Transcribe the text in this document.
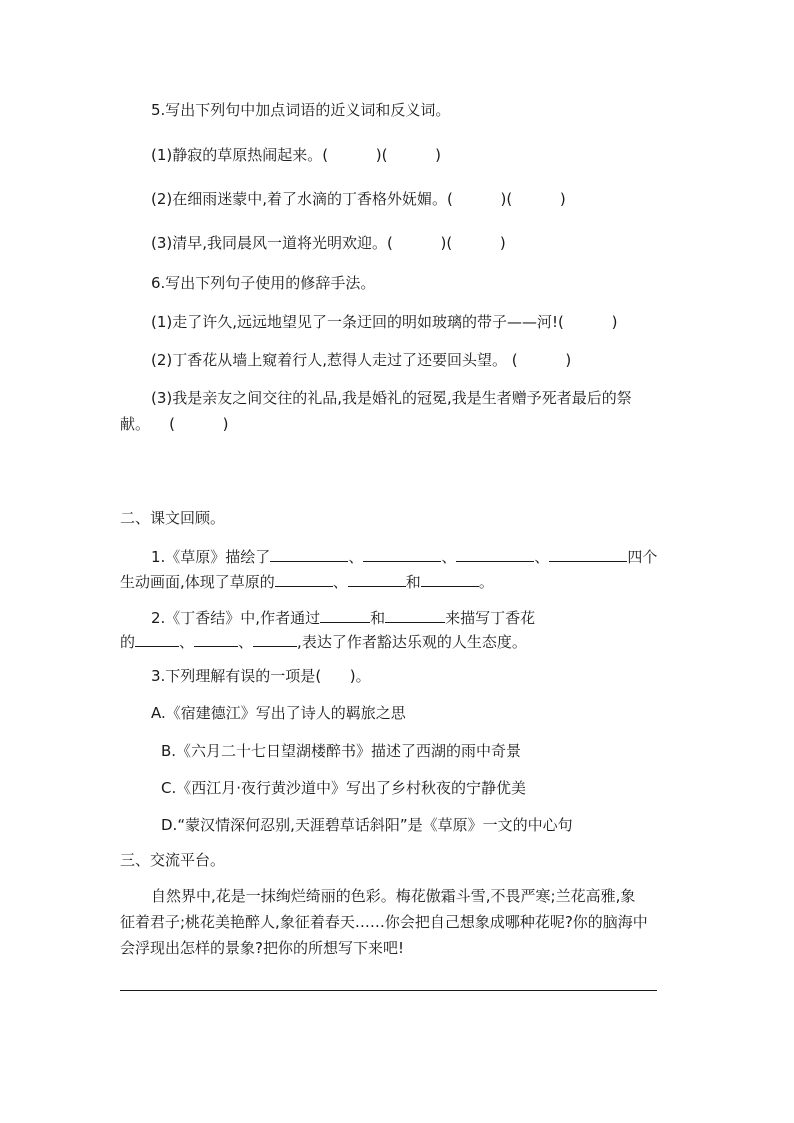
5.写出下列句中加点词语的近义词和反义词。
(1)静寂的草原热闹起来。(          )(          )
(2)在细雨迷蒙中,着了水滴的丁香格外妩媚。(          )(          )
(3)清早,我同晨风一道将光明欢迎。(          )(          )
6.写出下列句子使用的修辞手法。
(1)走了许久,远远地望见了一条迂回的明如玻璃的带子——河!(          )
(2)丁香花从墙上窥着行人,惹得人走过了还要回头望。 (          )
(3)我是亲友之间交往的礼品,我是婚礼的冠冕,我是生者赠予死者最后的祭
献。    (          )
二、课文回顾。
1.《草原》描绘了	、	、	、	四个
生动画面,体现了草原的	、	和	。
2.《丁香结》中,作者通过	和	来描写丁香花
的	、	、	,表达了作者豁达乐观的人生态度。
3.下列理解有误的一项是(      )。
A.《宿建德江》写出了诗人的羁旅之思
B.《六月二十七日望湖楼醉书》描述了西湖的雨中奇景
C.《西江月·夜行黄沙道中》写出了乡村秋夜的宁静优美
D.“蒙汉情深何忍别,天涯碧草话斜阳”是《草原》一文的中心句
三、交流平台。
自然界中,花是一抹绚烂绮丽的色彩。梅花傲霜斗雪,不畏严寒;兰花高雅,象
征着君子;桃花美艳醉人,象征着春天……你会把自己想象成哪种花呢?你的脑海中
会浮现出怎样的景象?把你的所想写下来吧!
